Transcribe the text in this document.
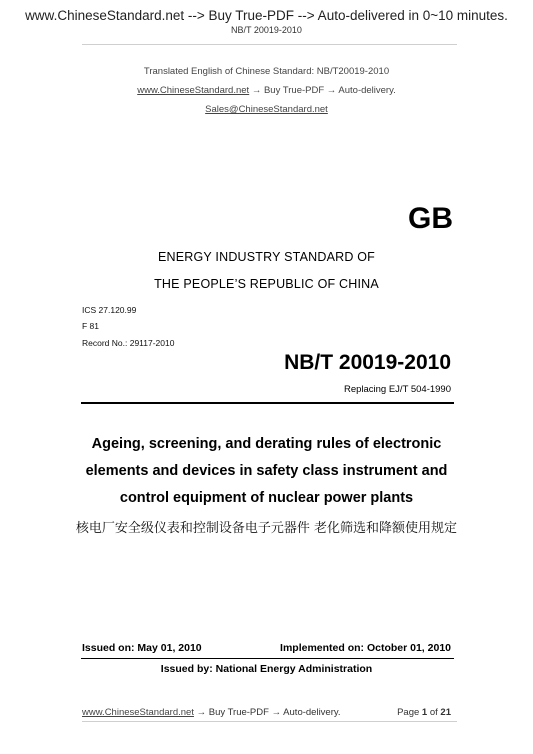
www.ChineseStandard.net --> Buy True-PDF --> Auto-delivered in 0~10 minutes.
NB/T 20019-2010
Translated English of Chinese Standard: NB/T20019-2010
www.ChineseStandard.net → Buy True-PDF → Auto-delivery.
Sales@ChineseStandard.net
GB
ENERGY INDUSTRY STANDARD OF
THE PEOPLE’S REPUBLIC OF CHINA
ICS 27.120.99
F 81
Record No.: 29117-2010
NB/T 20019-2010
Replacing EJ/T 504-1990
Ageing, screening, and derating rules of electronic
elements and devices in safety class instrument and
control equipment of nuclear power plants
核电厂安全级仪表和控制设备电子元器件 老化筛选和降额使用规定
Issued on: May 01, 2010	Implemented on: October 01, 2010
Issued by: National Energy Administration
www.ChineseStandard.net → Buy True-PDF → Auto-delivery.	Page 1 of 21
